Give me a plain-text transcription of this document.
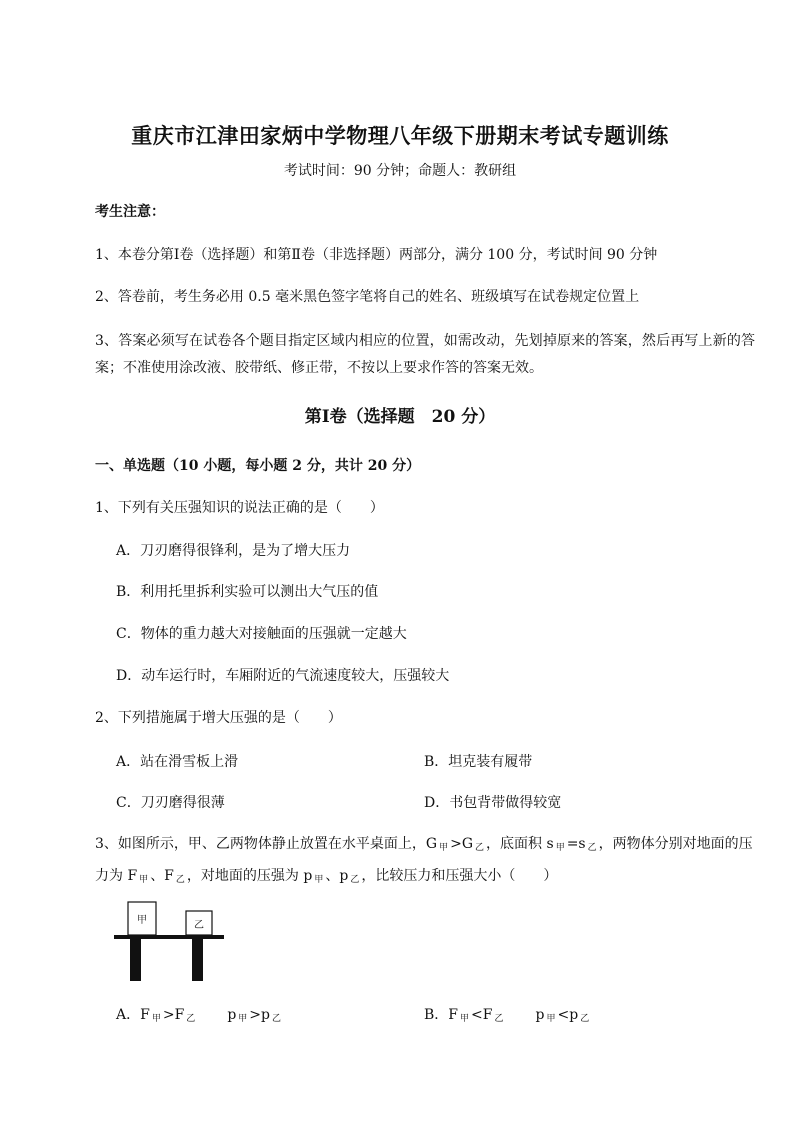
重庆市江津田家炳中学物理八年级下册期末考试专题训练
考试时间：90 分钟；命题人：教研组
考生注意：
1、本卷分第Ⅰ卷（选择题）和第Ⅱ卷（非选择题）两部分，满分 100 分，考试时间 90 分钟
2、答卷前，考生务必用 0.5 毫米黑色签字笔将自己的姓名、班级填写在试卷规定位置上
3、答案必须写在试卷各个题目指定区域内相应的位置，如需改动，先划掉原来的答案，然后再写上新的答案；不准使用涂改液、胶带纸、修正带，不按以上要求作答的答案无效。
第Ⅰ卷（选择题　20 分）
一、单选题（10 小题，每小题 2 分，共计 20 分）
1、下列有关压强知识的说法正确的是（　　）
A．刀刃磨得很锋利，是为了增大压力
B．利用托里拆利实验可以测出大气压的值
C．物体的重力越大对接触面的压强就一定越大
D．动车运行时，车厢附近的气流速度较大，压强较大
2、下列措施属于增大压强的是（　　）
A．站在滑雪板上滑	B．坦克装有履带
C．刀刃磨得很薄	D．书包背带做得较宽
3、如图所示，甲、乙两物体静止放置在水平桌面上，G $_甲$ >G $_乙$ ，底面积 s $_甲$ =s $_乙$ ，两物体分别对地面的压力为 F $_甲$ 、F $_乙$ ，对地面的压强为 p $_甲$ 、p $_乙$ ，比较压力和压强大小（　　）
甲	乙
A．F $_甲$ >F $_乙$ p $_甲$ >p $_乙$	B．F $_甲$ <F $_乙$ p $_甲$ <p $_乙$
